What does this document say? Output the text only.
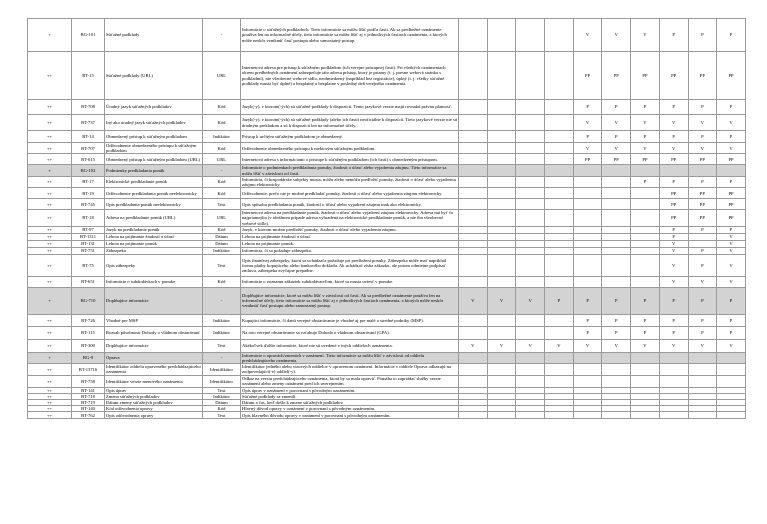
+	BG-101	Súťažné podklady	-	Informácie o súťažných podkladoch. Tieto informácie sa môžu líšiť podľa častí. Ak sa predbežné oznámenie používa len na informačné účely, tieto informácie sa môžu líšiť aj v jednotlivých častiach oznámenia, z ktorých môže neskôr vzniknúť časť postupu alebo samostatný postup.					V	V	V	P	P	P
++	BT-15	Súťažné podklady (URL)	URL	Internetová adresa pre prístup k súťažným podkladom (ich verejne prístupnej časti). Pri všetkých oznámeniach okrem predbežných oznámení zabezpečuje táto adresa prístup, ktorý je priamy (t. j. presne webová stránka s podkladmi), nie všeobecné webové sídlo, neobmedzený (napríklad bez registrácie), úplný (t. j. všetky súťažné podklady musia byť úplné) a bezplatný a bezplatne v posledný deň verejného oznámenia.					PP	PP	PP	PP	PP	PP
++	BT-708	Úradný jazyk súťažných podkladov	Kód	Jazyk(-y), v ktorom(-ých) sú súťažné podklady k dispozícii. Tento jazykové verzie majú rovnakú právnu platnosť.					P	P	P	P	P	P
++	BT-737	Iný ako úradný jazyk súťažných podkladov	Kód	Jazyk(-y), v ktorom(-ých) sú súťažné podklady (alebo ich časti) neoficiálne k dispozícii. Tieto jazykové verzie nie sú úradným prekladom a sú k dispozícii len na informačné účely.					V	V	V	V	V	V
++	BT-14	Obmedzený prístup k súťažným podkladom	Indikátor	Prístup k určitým súťažným podkladom je obmedzený.					P	P	P	P	P	P
++	BT-707	Odôvodnenie obmedzeného prístupu k súťažným podkladom	Kód	Odôvodnenie obmedzeného prístupu k niektorým súťažným podkladom.					V	V	V	V	V	V
++	BT-615	Obmedzený prístup k súťažným podkladom (URL)	URL	Internetová adresa s informáciami o prístupe k súťažným podkladom (ich časti) s obmedzeným prístupom.					PP	PP	PP	PP	PP	PP
+	BG-102	Podmienky predkladania ponúk	-	Informácie o podmienkach predkladania ponuky, žiadosti o účasť alebo vyjadrenia záujmu. Tieto informácie sa môžu líšiť v závislosti od častí.										
++	BT-17	Elektronické predkladanie ponúk	Kód	Informácia, či hospodárske subjekty musia, môžu alebo nemôžu predložiť ponuky, žiadosti o účasť alebo vyjadrenia záujmu elektronicky.							P	P	P	P
++	BT-19	Odôvodnenie predkladania ponúk neelektronicky	Kód	Odôvodnenie, prečo nie je možné predkladať ponuky, žiadosti o účasť alebo vyjadrenia záujmu elektronicky.								PP	PP	PP
++	BT-745	Opis predkladania ponúk neelektronicky	Text	Opis spôsobu predkladania ponúk, žiadostí o účasť alebo vyjadrení záujmu inak ako elektronicky.								PP	PP	PP
++	BT-18	Adresa na predkladanie ponúk (URL)	URL	Internetová adresa na predkladanie ponúk, žiadostí o účasť alebo vyjadrení záujmu elektronicky. Adresa má byť čo najpriamejšia (v ideálnom prípade adresa vyhradená na elektronické predkladanie ponúk, a nie iba všeobecné webové sídlo).								PP	PP	PP
++	BT-97	Jazyk na predkladanie ponúk	Kód	Jazyk, v ktorom možno predložiť ponuky, žiadosti o účasť alebo vyjadrenia záujmu.								P	P	P
++	BT-1311	Lehota na prijímanie žiadostí o účasť	Dátum	Lehota na prijímanie žiadostí o účasť.								P		V
++	BT-131	Lehota na prijímanie ponúk	Dátum	Lehota na prijímanie ponúk.								V		V
++	BT-751	Zábezpeka	Indikátor	Informácia, či sa požaduje zábezpeka.								V	P	V
++	BT-75	Opis zábezpeky	Text	Opis finančnej zábezpeky, ktorú sa uchádzača požaduje pri predložení ponuky. Zábezpeka môže mať napríklad formu platby kopujúceho alebo bankového dokladu. Ak uchádzač získa zákazku, ale potom odmietne podpísať zmluvu, zábezpeka zvyčajne prepadne.								V	P	V
++	BT-651	Informácie o subdodávkach v ponuke	Kód	Informácie o zoznamu zákaziek subdodávateľom, ktoré sa musia uviesť v ponuke.								V	V	V
+	BG-710	Doplňujúce informácie	-	Doplňujúce informácie, ktoré sa môžu líšiť v závislosti od častí. Ak sa predbežné oznámenie používa len na informačné účely, tieto informácie sa môžu líšiť aj v jednotlivých častiach oznámenia, z ktorých môže neskôr vzniknúť časť postupu alebo samostatný postup.	V	V	V	P	P	P	P	P	P	P
++	BT-726	Vhodné pre MSP	Indikátor	Kupujúci informácie, či danú verejné obstarávanie je vhodné aj pre malé a stredné podniky (MSP).					P	P	P	P	P	P
++	BT-115	Rozsah pôsobnosti Dohody o vládnom obstarávaní	Indikátor	Na toto verejné obstarávanie sa vzťahuje Dohoda o vládnom obstarávaní (GPA).					P	P	P	P	P	P
++	BT-300	Doplňujúce informácie	Text	Akékoľvek ďalšie informácie, ktoré nie sú uvedené v iných oddieloch oznámenia.	V	V	V	V	V	V	V	V	V	V
+	BG-9	Oprava	-	Informácie o opravách/zmenách v oznámení. Tieto informácie sa môžu líšiť v závislosti od oddielu predchádzajúceho oznámenia.										
++	BT-13716	Identifikátor oddielu opraveného predchádzajúceho oznámenia	Identifikátor	Identifikátor jedného alebo viacerých oddielov v opravenom oznámení. Informácie v oddiele Oprava odkazujú na zodpovedajúci(-e) oddiel(-y).										
++	BT-758	Identifikátor verzie menového oznámenia	Identifikátor	Odkaz na verziu predchádzajúceho oznámenia, ktorá by sa mala opraviť. Pomáha to zapriádať služby verzie oznámení alebo zmeny oznámení pred ich uverejnením.										
++	BT-141	Opis úprav	Text	Opis úprav v oznámení v porovnaní s pôvodným oznámením.										
++	BT-718	Zmena súťažných podkladov	Indikátor	Súťažné podklady sa zmenili.										
++	BT-719	Dátum zmeny súťažných podkladov	Dátum	Dátum a čas, keď došlo k zmene súťažných podkladov.										
++	BT-140	Kód odôvodnenia opravy	Kód	Hlavný dôvod opravy v oznámení v porovnaní s pôvodným oznámením.										
++	BT-762	Opis odôvodnenia opravy	Text	Opis hlavného dôvodu opravy v oznámení v porovnaní s pôvodným oznámením.										
